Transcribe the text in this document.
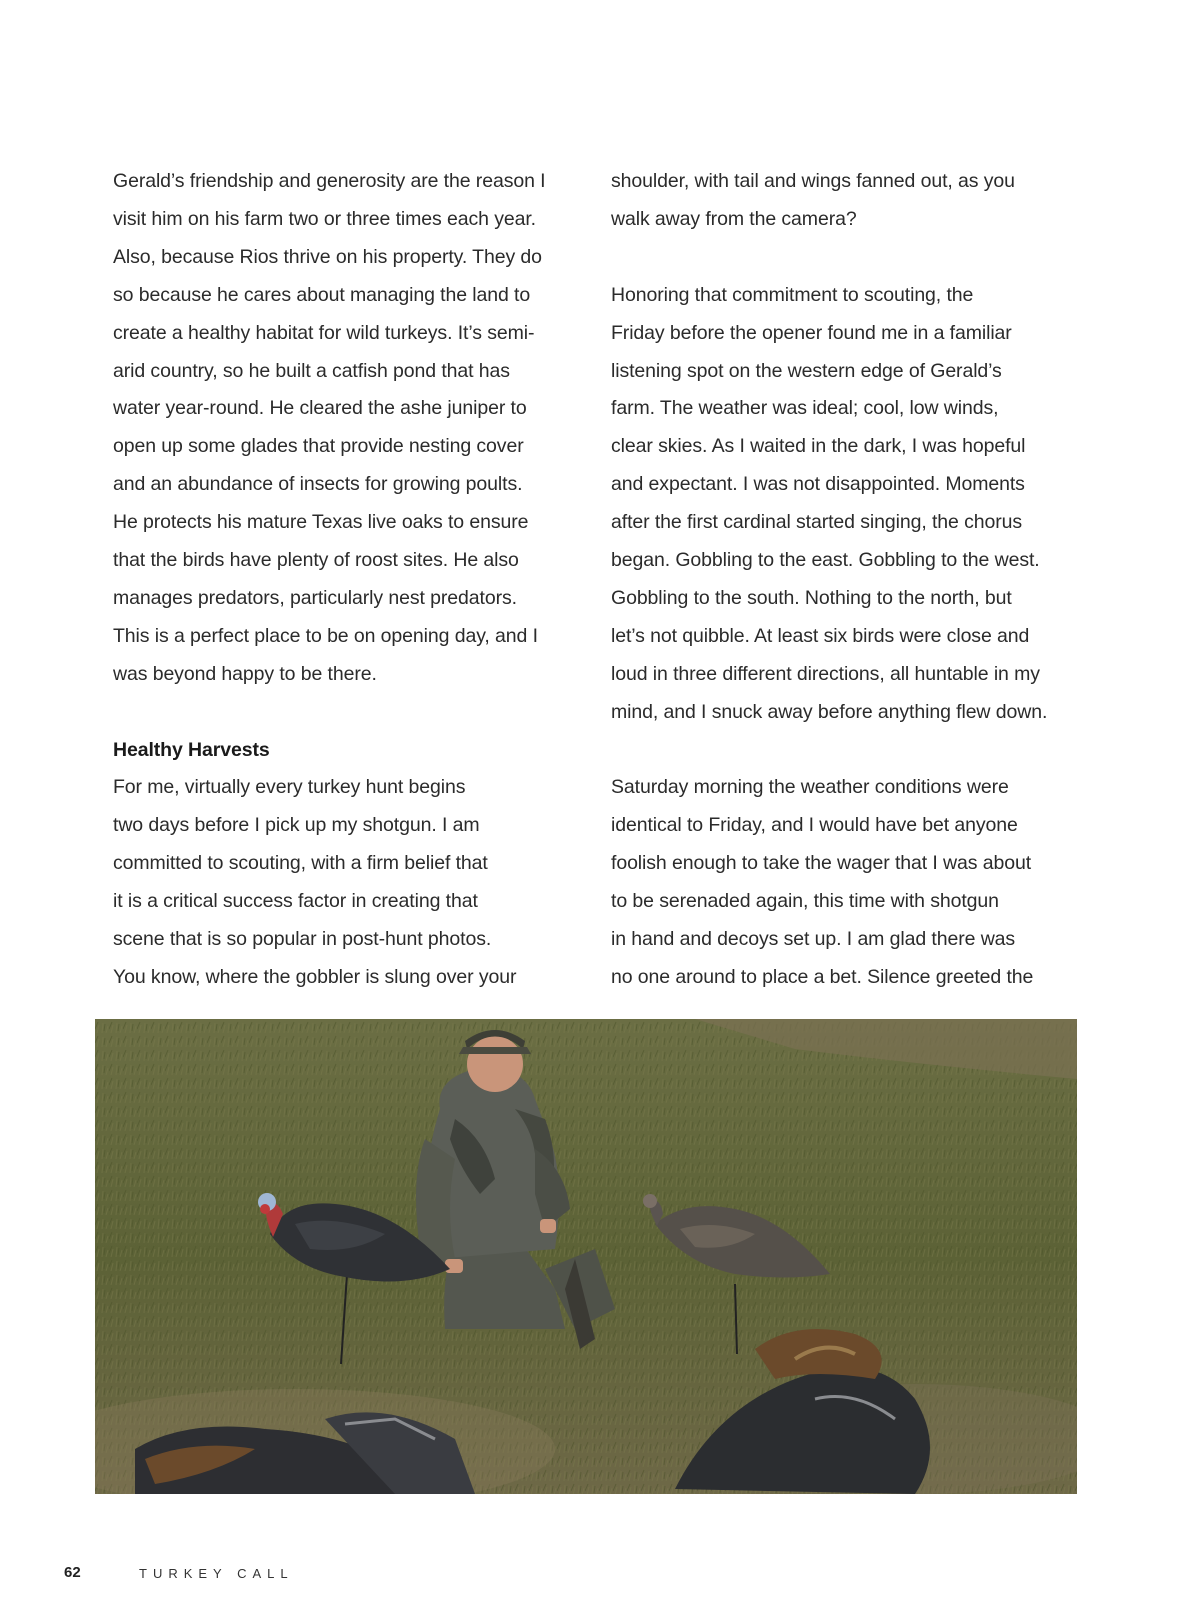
Gerald’s friendship and generosity are the reason I
visit him on his farm two or three times each year.
Also, because Rios thrive on his property. They do
so because he cares about managing the land to
create a healthy habitat for wild turkeys. It’s semi-
arid country, so he built a catfish pond that has
water year-round. He cleared the ashe juniper to
open up some glades that provide nesting cover
and an abundance of insects for growing poults.
He protects his mature Texas live oaks to ensure
that the birds have plenty of roost sites. He also
manages predators, particularly nest predators.
This is a perfect place to be on opening day, and I
was beyond happy to be there.
Healthy Harvests
For me, virtually every turkey hunt begins
two days before I pick up my shotgun. I am
committed to scouting, with a firm belief that
it is a critical success factor in creating that
scene that is so popular in post-hunt photos.
You know, where the gobbler is slung over your
shoulder, with tail and wings fanned out, as you
walk away from the camera?
Honoring that commitment to scouting, the
Friday before the opener found me in a familiar
listening spot on the western edge of Gerald’s
farm. The weather was ideal; cool, low winds,
clear skies. As I waited in the dark, I was hopeful
and expectant. I was not disappointed. Moments
after the first cardinal started singing, the chorus
began. Gobbling to the east. Gobbling to the west.
Gobbling to the south. Nothing to the north, but
let’s not quibble. At least six birds were close and
loud in three different directions, all huntable in my
mind, and I snuck away before anything flew down.
Saturday morning the weather conditions were
identical to Friday, and I would have bet anyone
foolish enough to take the wager that I was about
to be serenaded again, this time with shotgun
in hand and decoys set up. I am glad there was
no one around to place a bet. Silence greeted the
62	TURKEY CALL
